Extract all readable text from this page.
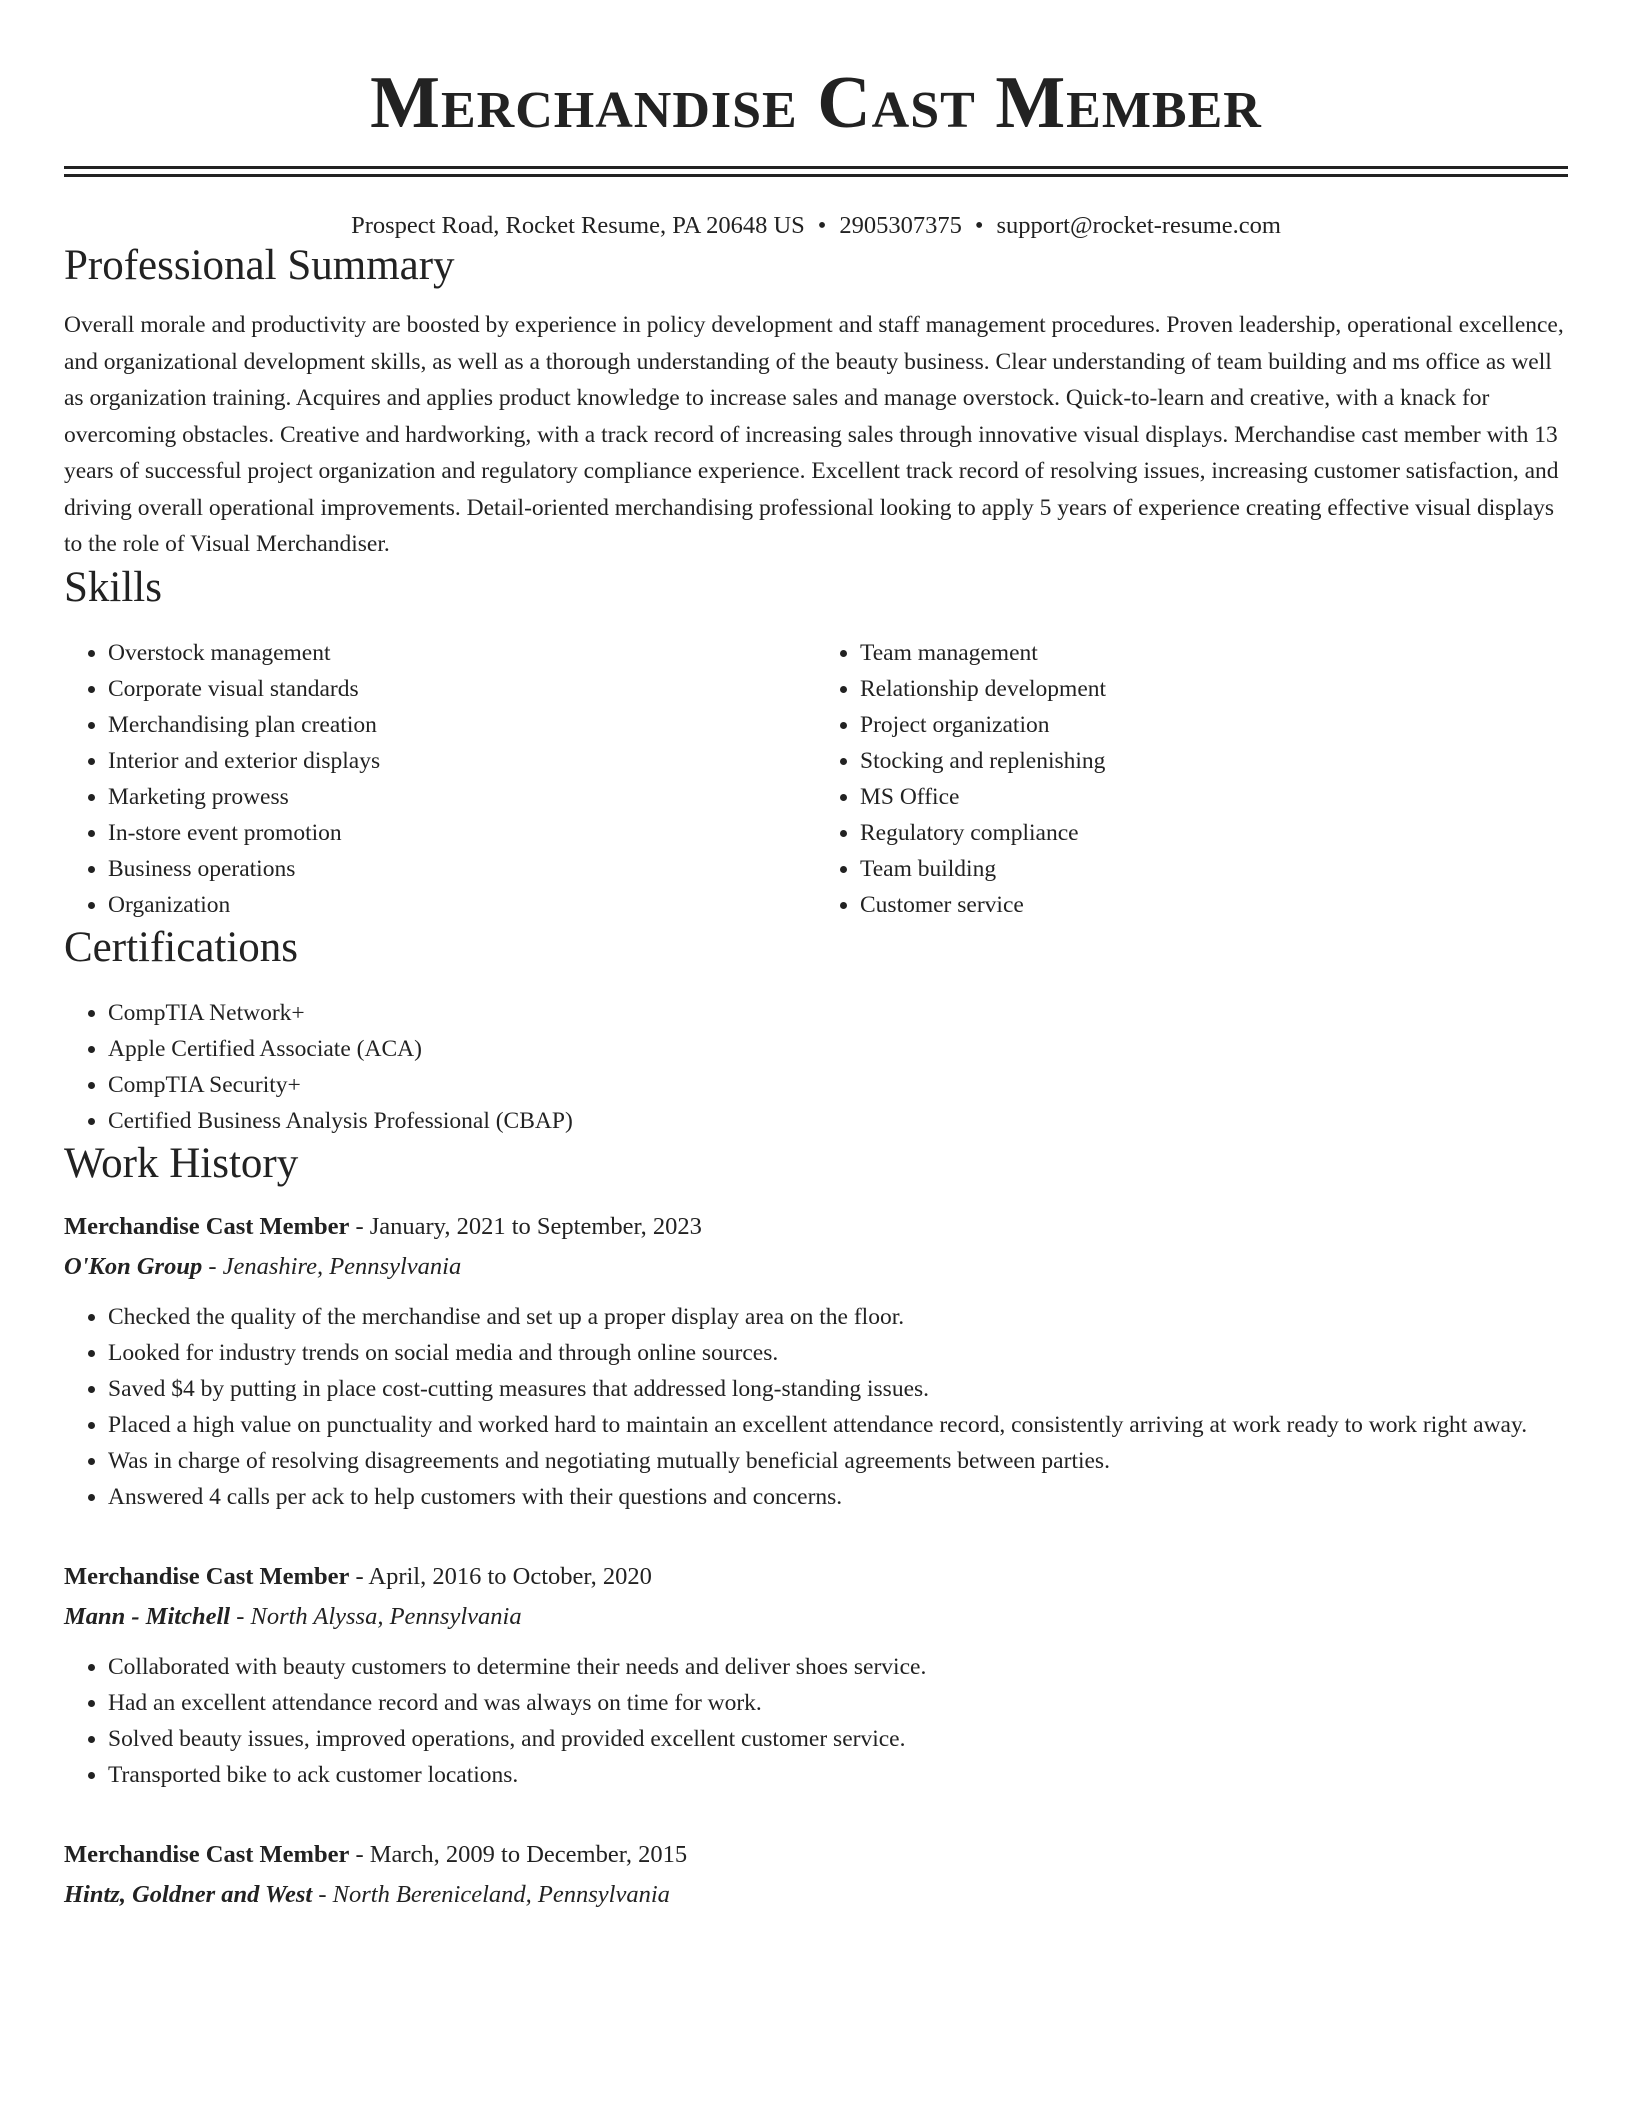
Merchandise Cast Member
Prospect Road, Rocket Resume, PA 20648 US • 2905307375 • support@rocket-resume.com
Professional Summary

Overall morale and productivity are boosted by experience in policy development and staff management procedures. Proven leadership, operational excellence, and organizational development skills, as well as a thorough understanding of the beauty business. Clear understanding of team building and ms office as well as organization training. Acquires and applies product knowledge to increase sales and manage overstock. Quick-to-learn and creative, with a knack for overcoming obstacles. Creative and hardworking, with a track record of increasing sales through innovative visual displays. Merchandise cast member with 13 years of successful project organization and regulatory compliance experience. Excellent track record of resolving issues, increasing customer satisfaction, and driving overall operational improvements. Detail-oriented merchandising professional looking to apply 5 years of experience creating effective visual displays to the role of Visual Merchandiser.

Skills
• Overstock management
• Corporate visual standards
• Merchandising plan creation
• Interior and exterior displays
• Marketing prowess
• In-store event promotion
• Business operations
• Organization
• Team management
• Relationship development
• Project organization
• Stocking and replenishing
• MS Office
• Regulatory compliance
• Team building
• Customer service
Certifications
• CompTIA Network+
• Apple Certified Associate (ACA)
• CompTIA Security+
• Certified Business Analysis Professional (CBAP)
Work History
Merchandise Cast Member - January, 2021 to September, 2023
O'Kon Group - Jenashire, Pennsylvania
• Checked the quality of the merchandise and set up a proper display area on the floor.
• Looked for industry trends on social media and through online sources.
• Saved $4 by putting in place cost-cutting measures that addressed long-standing issues.
• Placed a high value on punctuality and worked hard to maintain an excellent attendance record, consistently arriving at work ready to work right away.
• Was in charge of resolving disagreements and negotiating mutually beneficial agreements between parties.
• Answered 4 calls per ack to help customers with their questions and concerns.
Merchandise Cast Member - April, 2016 to October, 2020
Mann - Mitchell - North Alyssa, Pennsylvania
• Collaborated with beauty customers to determine their needs and deliver shoes service.
• Had an excellent attendance record and was always on time for work.
• Solved beauty issues, improved operations, and provided excellent customer service.
• Transported bike to ack customer locations.
Merchandise Cast Member - March, 2009 to December, 2015
Hintz, Goldner and West - North Bereniceland, Pennsylvania
